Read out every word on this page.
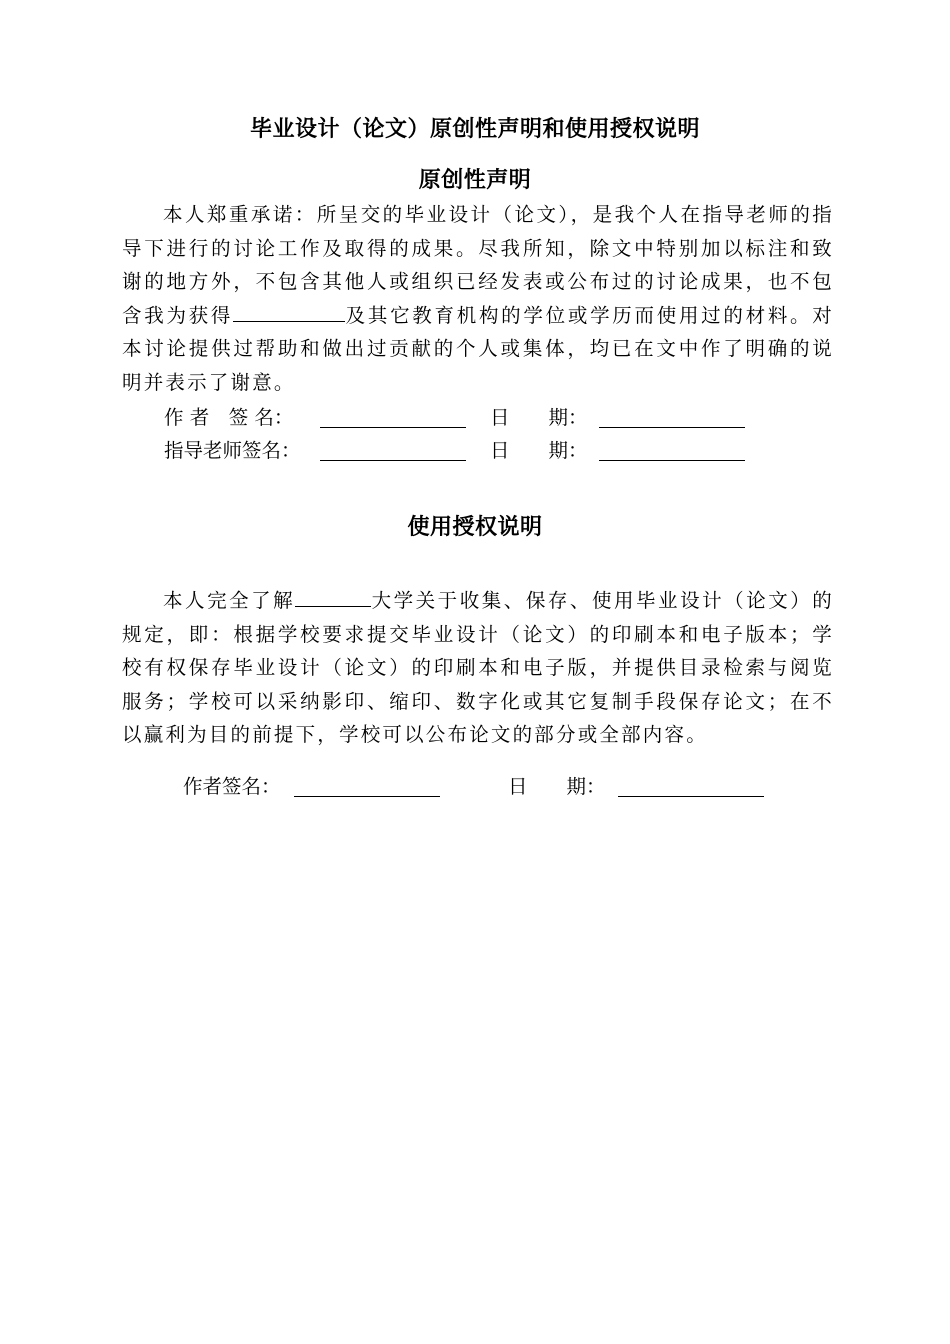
毕业设计（论文）原创性声明和使用授权说明
原创性声明
本人郑重承诺：所呈交的毕业设计（论文），是我个人在指导老师的指导下进行的讨论工作及取得的成果。尽我所知，除文中特别加以标注和致谢的地方外，不包含其他人或组织已经发表或公布过的讨论成果，也不包含我为获得	及其它教育机构的学位或学历而使用过的材料。对本讨论提供过帮助和做出过贡献的个人或集体，均已在文中作了明确的说明并表示了谢意。
作 者　签 名：	日　　期：
指导老师签名：	日　　期：
使用授权说明
本人完全了解	大学关于收集、保存、使用毕业设计（论文）的规定，即：根据学校要求提交毕业设计（论文）的印刷本和电子版本；学校有权保存毕业设计（论文）的印刷本和电子版，并提供目录检索与阅览服务；学校可以采纳影印、缩印、数字化或其它复制手段保存论文；在不以赢利为目的前提下，学校可以公布论文的部分或全部内容。
作者签名：	日　　期：
